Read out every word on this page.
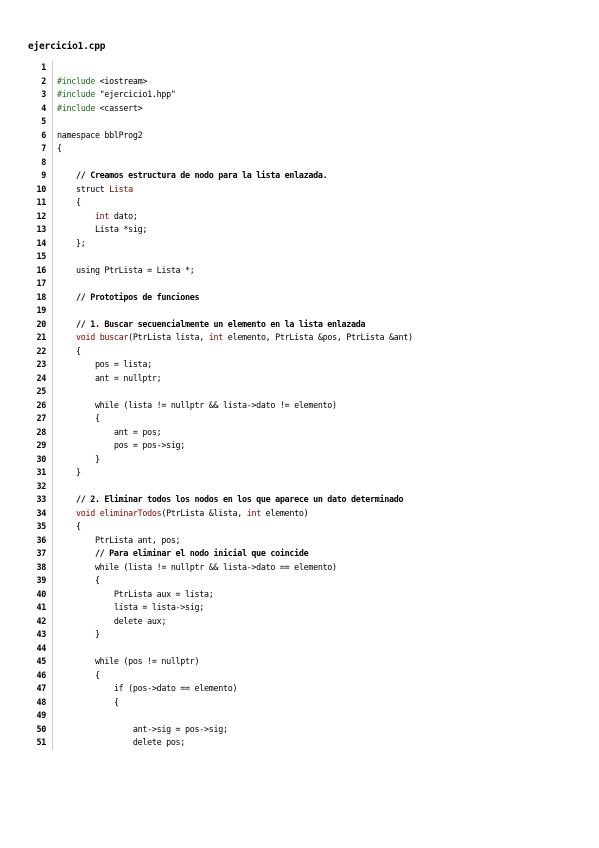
ejercicio1.cpp
1
2 #include <iostream>
3 #include "ejercicio1.hpp"
4 #include <cassert>
5
6 namespace bblProg2
7 {
8
9 // Creamos estructura de nodo para la lista enlazada.
10 struct Lista
11 {
12	int dato;
13 Lista *sig;
14 };
15
16 using PtrLista = Lista *;
17
18 // Prototipos de funciones
19
20 // 1. Buscar secuencialmente un elemento en la lista enlazada
21	void buscar(PtrLista lista, int elemento, PtrLista &pos, PtrLista &ant)
22 {
23 pos = lista;
24 ant = nullptr;
25
26 while (lista != nullptr && lista->dato != elemento)
27 {
28 ant = pos;
29 pos = pos->sig;
30 }
31 }
32
33 // 2. Eliminar todos los nodos en los que aparece un dato determinado
34	void eliminarTodos(PtrLista &lista, int elemento)
35 {
36 PtrLista ant, pos;
37 // Para eliminar el nodo inicial que coincide
38 while (lista != nullptr && lista->dato == elemento)
39 {
40 PtrLista aux = lista;
41 lista = lista->sig;
42 delete aux;
43 }
44
45 while (pos != nullptr)
46 {
47 if (pos->dato == elemento)
48 {
49
50 ant->sig = pos->sig;
51 delete pos;
